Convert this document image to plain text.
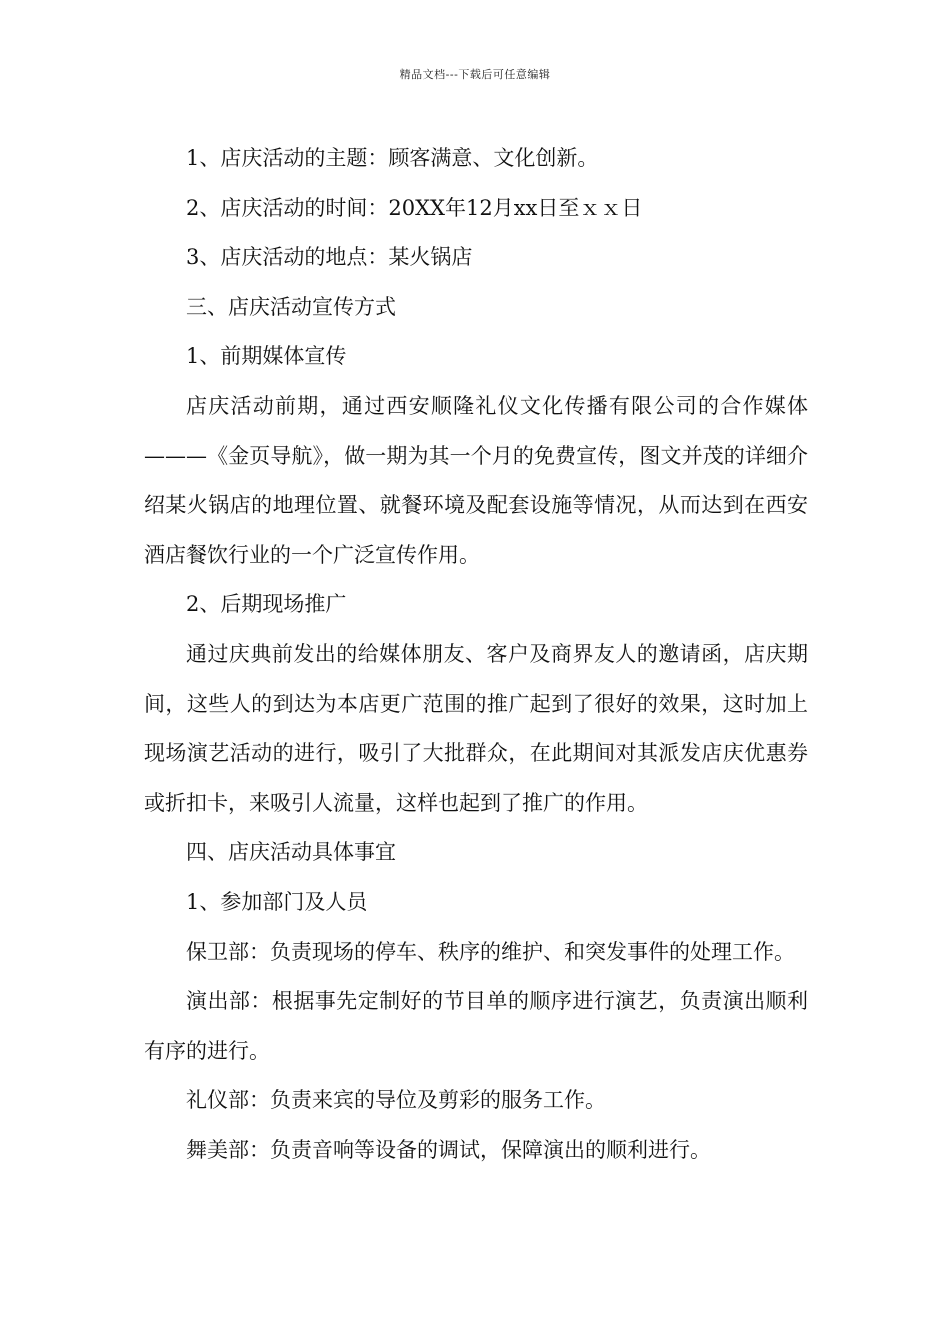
精品文档---下载后可任意编辑

1、店庆活动的主题：顾客满意、文化创新。

2、店庆活动的时间：20XX年12月xx日至ｘｘ日

3、店庆活动的地点：某火锅店

三、店庆活动宣传方式

1、前期媒体宣传

店庆活动前期，通过西安顺隆礼仪文化传播有限公司的合作媒体———《金页导航》，做一期为其一个月的免费宣传，图文并茂的详细介绍某火锅店的地理位置、就餐环境及配套设施等情况，从而达到在西安酒店餐饮行业的一个广泛宣传作用。

2、后期现场推广

通过庆典前发出的给媒体朋友、客户及商界友人的邀请函，店庆期间，这些人的到达为本店更广范围的推广起到了很好的效果，这时加上现场演艺活动的进行，吸引了大批群众，在此期间对其派发店庆优惠券或折扣卡，来吸引人流量，这样也起到了推广的作用。

四、店庆活动具体事宜

1、参加部门及人员

保卫部：负责现场的停车、秩序的维护、和突发事件的处理工作。

演出部：根据事先定制好的节目单的顺序进行演艺，负责演出顺利有序的进行。

礼仪部：负责来宾的导位及剪彩的服务工作。

舞美部：负责音响等设备的调试，保障演出的顺利进行。
